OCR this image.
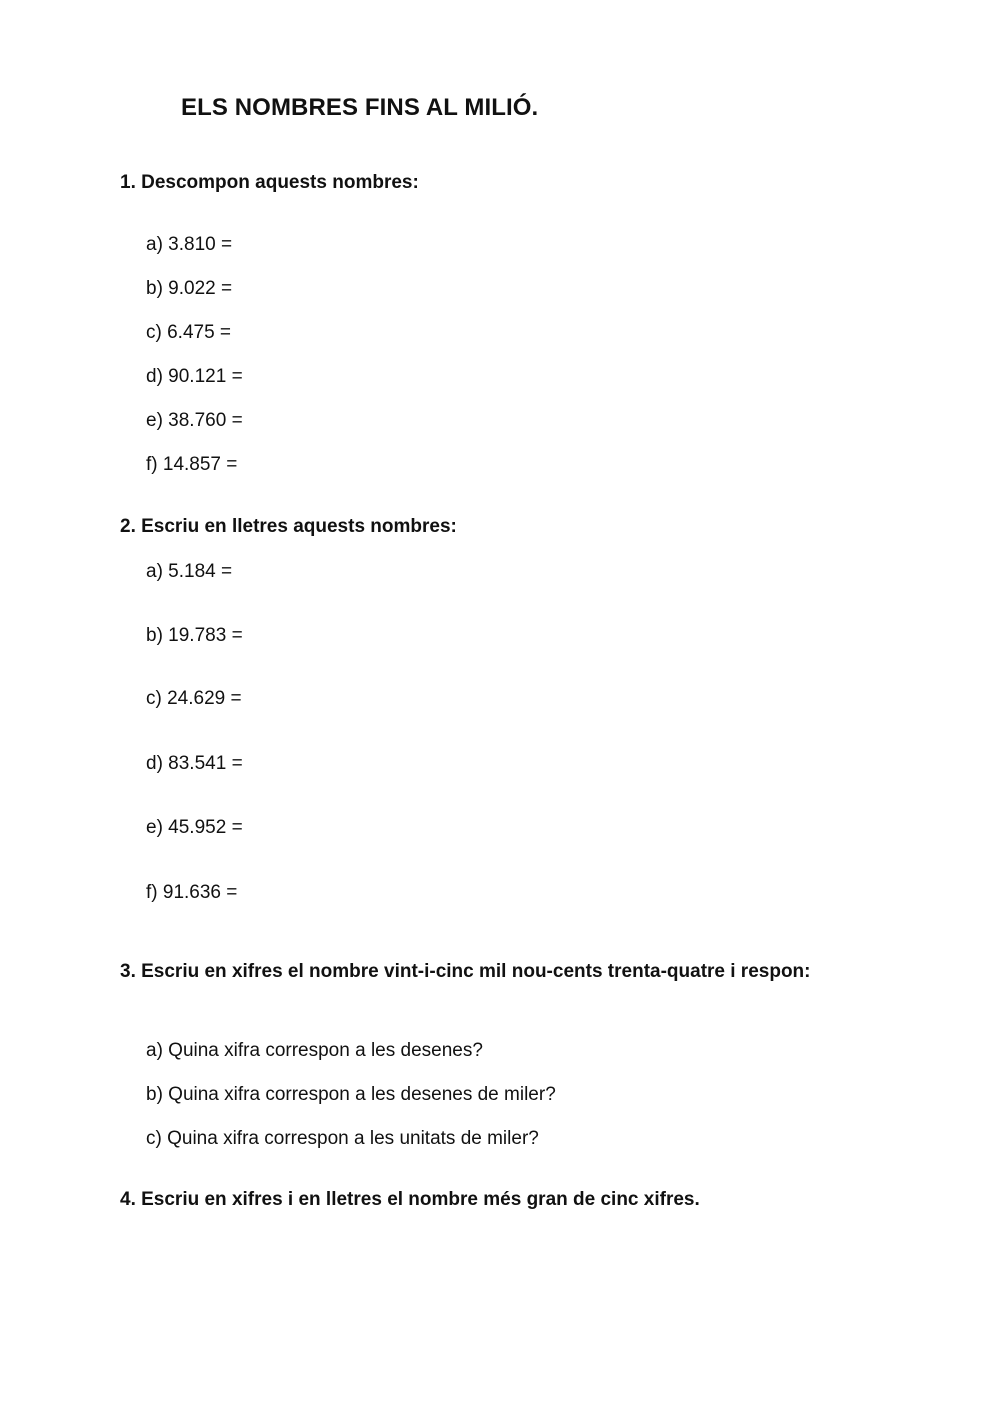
ELS NOMBRES FINS AL MILIÓ.
1. Descompon aquests nombres:
a) 3.810 =
b) 9.022 =
c) 6.475 =
d) 90.121 =
e) 38.760 =
f) 14.857 =
2. Escriu en lletres aquests nombres:
a) 5.184 =
b) 19.783 =
c) 24.629 =
d) 83.541 =
e) 45.952 =
f) 91.636 =
3. Escriu en xifres el nombre vint-i-cinc mil nou-cents trenta-quatre i respon:
a) Quina xifra correspon a les desenes?
b) Quina xifra correspon a les desenes de miler?
c) Quina xifra correspon a les unitats de miler?
4. Escriu en xifres i en lletres el nombre més gran de cinc xifres.
